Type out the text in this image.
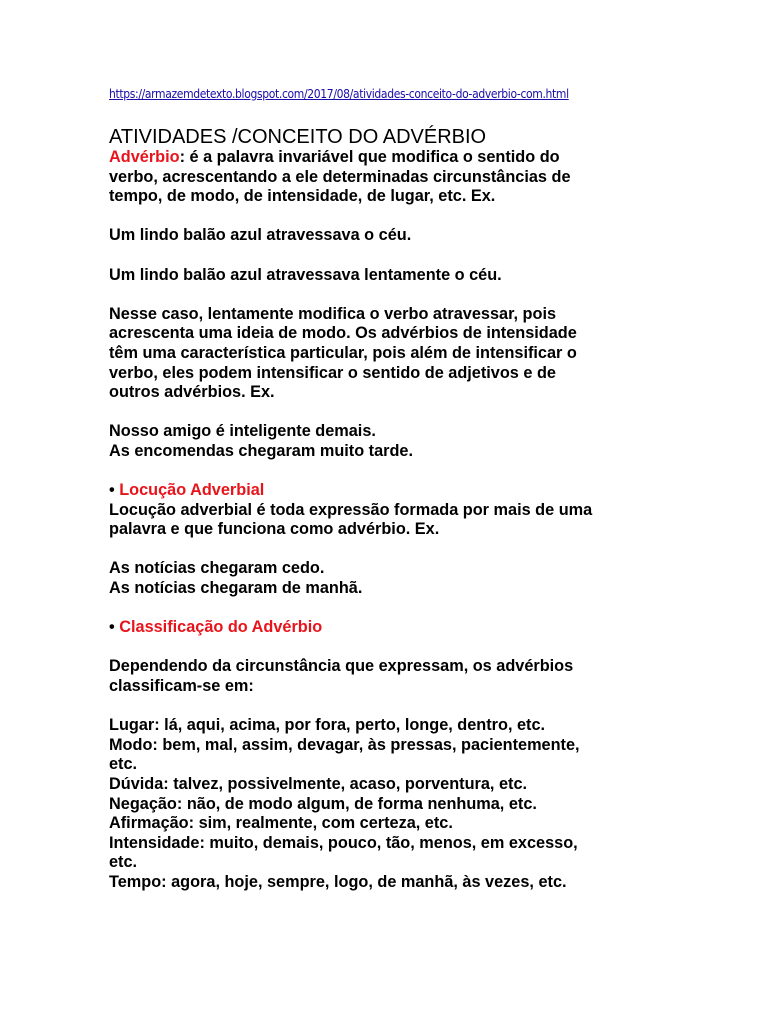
https://armazemdetexto.blogspot.com/2017/08/atividades-conceito-do-adverbio-com.html
ATIVIDADES /CONCEITO DO ADVÉRBIO

Advérbio: é a palavra invariável que modifica o sentido do

verbo, acrescentando a ele determinadas circunstâncias de

tempo, de modo, de intensidade, de lugar, etc. Ex.

Um lindo balão azul atravessava o céu.

Um lindo balão azul atravessava lentamente o céu.

Nesse caso, lentamente modifica o verbo atravessar, pois

acrescenta uma ideia de modo. Os advérbios de intensidade

têm uma característica particular, pois além de intensificar o

verbo, eles podem intensificar o sentido de adjetivos e de

outros advérbios. Ex.

Nosso amigo é inteligente demais.

As encomendas chegaram muito tarde.

• Locução Adverbial

Locução adverbial é toda expressão formada por mais de uma

palavra e que funciona como advérbio. Ex.

As notícias chegaram cedo.

As notícias chegaram de manhã.

• Classificação do Advérbio

Dependendo da circunstância que expressam, os advérbios

classificam-se em:

Lugar: lá, aqui, acima, por fora, perto, longe, dentro, etc.

Modo: bem, mal, assim, devagar, às pressas, pacientemente,

etc.

Dúvida: talvez, possivelmente, acaso, porventura, etc.

Negação: não, de modo algum, de forma nenhuma, etc.

Afirmação: sim, realmente, com certeza, etc.

Intensidade: muito, demais, pouco, tão, menos, em excesso,

etc.

Tempo: agora, hoje, sempre, logo, de manhã, às vezes, etc.
